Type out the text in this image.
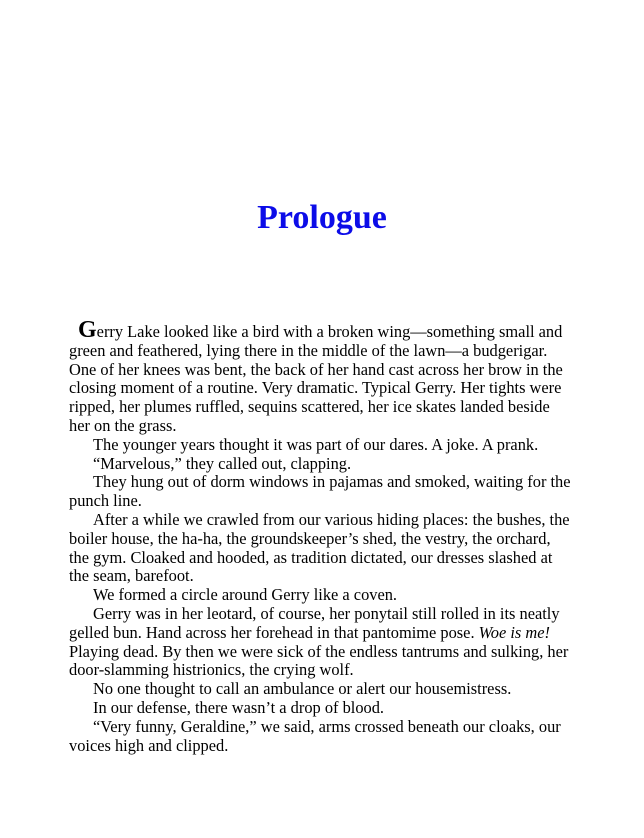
Prologue
Gerry Lake looked like a bird with a broken wing—something small and
green and feathered, lying there in the middle of the lawn—a budgerigar.
One of her knees was bent, the back of her hand cast across her brow in the
closing moment of a routine. Very dramatic. Typical Gerry. Her tights were
ripped, her plumes ruffled, sequins scattered, her ice skates landed beside
her on the grass.
The younger years thought it was part of our dares. A joke. A prank.
“Marvelous,” they called out, clapping.
They hung out of dorm windows in pajamas and smoked, waiting for the
punch line.
After a while we crawled from our various hiding places: the bushes, the
boiler house, the ha-ha, the groundskeeper’s shed, the vestry, the orchard,
the gym. Cloaked and hooded, as tradition dictated, our dresses slashed at
the seam, barefoot.
We formed a circle around Gerry like a coven.
Gerry was in her leotard, of course, her ponytail still rolled in its neatly
gelled bun. Hand across her forehead in that pantomime pose. Woe is me!
Playing dead. By then we were sick of the endless tantrums and sulking, her
door-slamming histrionics, the crying wolf.
No one thought to call an ambulance or alert our housemistress.
In our defense, there wasn’t a drop of blood.
“Very funny, Geraldine,” we said, arms crossed beneath our cloaks, our
voices high and clipped.
